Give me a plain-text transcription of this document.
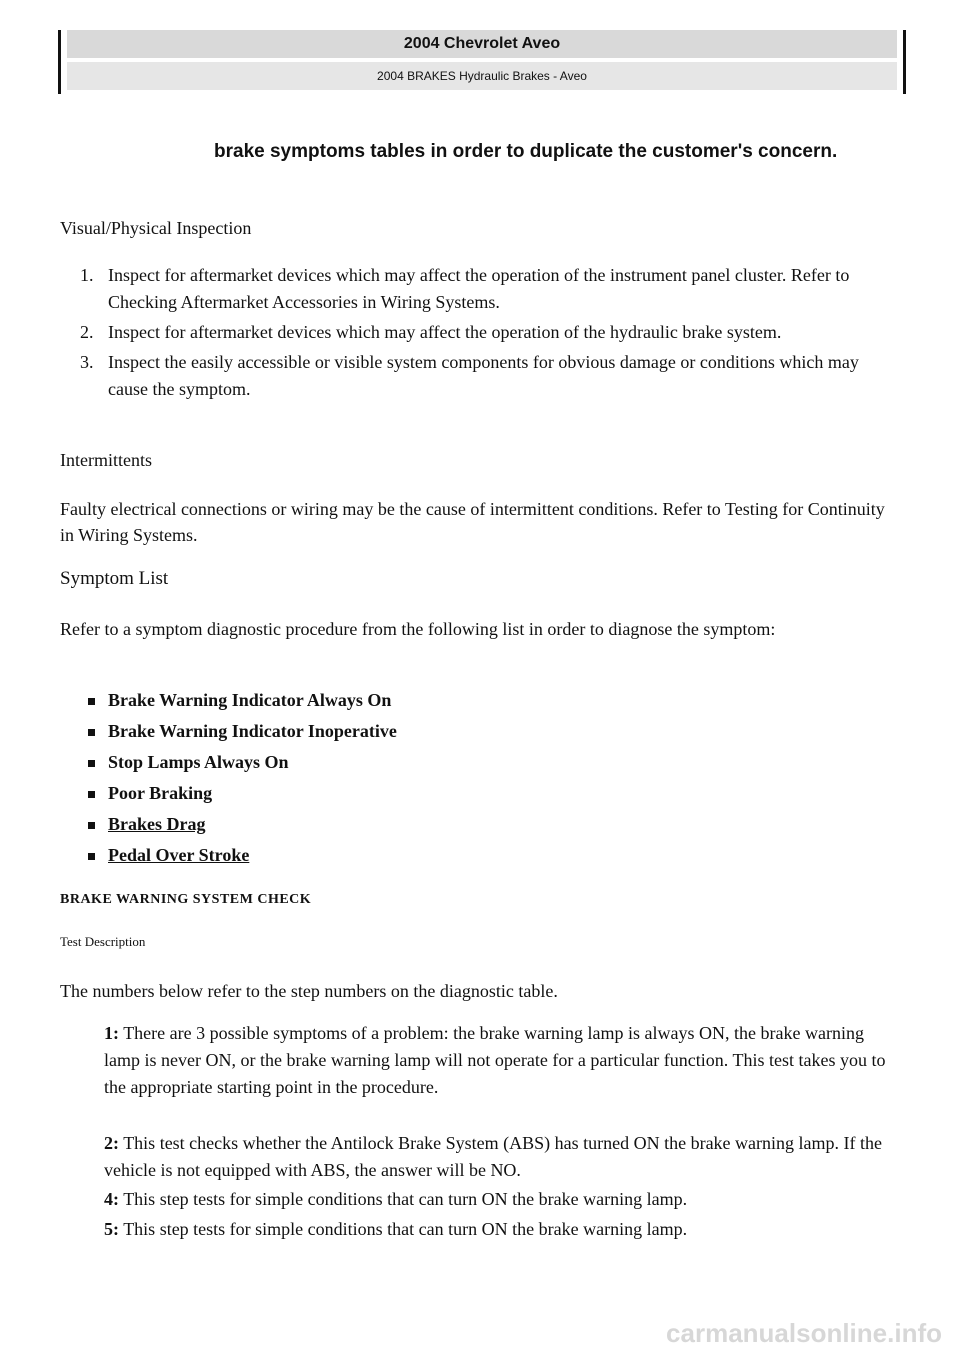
2004 Chevrolet Aveo
2004 BRAKES Hydraulic Brakes - Aveo
brake symptoms tables in order to duplicate the customer's concern.
Visual/Physical Inspection
1. Inspect for aftermarket devices which may affect the operation of the instrument panel cluster. Refer to Checking Aftermarket Accessories in Wiring Systems.
2. Inspect for aftermarket devices which may affect the operation of the hydraulic brake system.
3. Inspect the easily accessible or visible system components for obvious damage or conditions which may cause the symptom.
Intermittents
Faulty electrical connections or wiring may be the cause of intermittent conditions. Refer to Testing for Continuity in Wiring Systems.
Symptom List
Refer to a symptom diagnostic procedure from the following list in order to diagnose the symptom:
Brake Warning Indicator Always On
Brake Warning Indicator Inoperative
Stop Lamps Always On
Poor Braking
Brakes Drag
Pedal Over Stroke
BRAKE WARNING SYSTEM CHECK
Test Description
The numbers below refer to the step numbers on the diagnostic table.
1: There are 3 possible symptoms of a problem: the brake warning lamp is always ON, the brake warning lamp is never ON, or the brake warning lamp will not operate for a particular function. This test takes you to the appropriate starting point in the procedure.
2: This test checks whether the Antilock Brake System (ABS) has turned ON the brake warning lamp. If the vehicle is not equipped with ABS, the answer will be NO.
4: This step tests for simple conditions that can turn ON the brake warning lamp.
5: This step tests for simple conditions that can turn ON the brake warning lamp.
carmanualsonline.info
